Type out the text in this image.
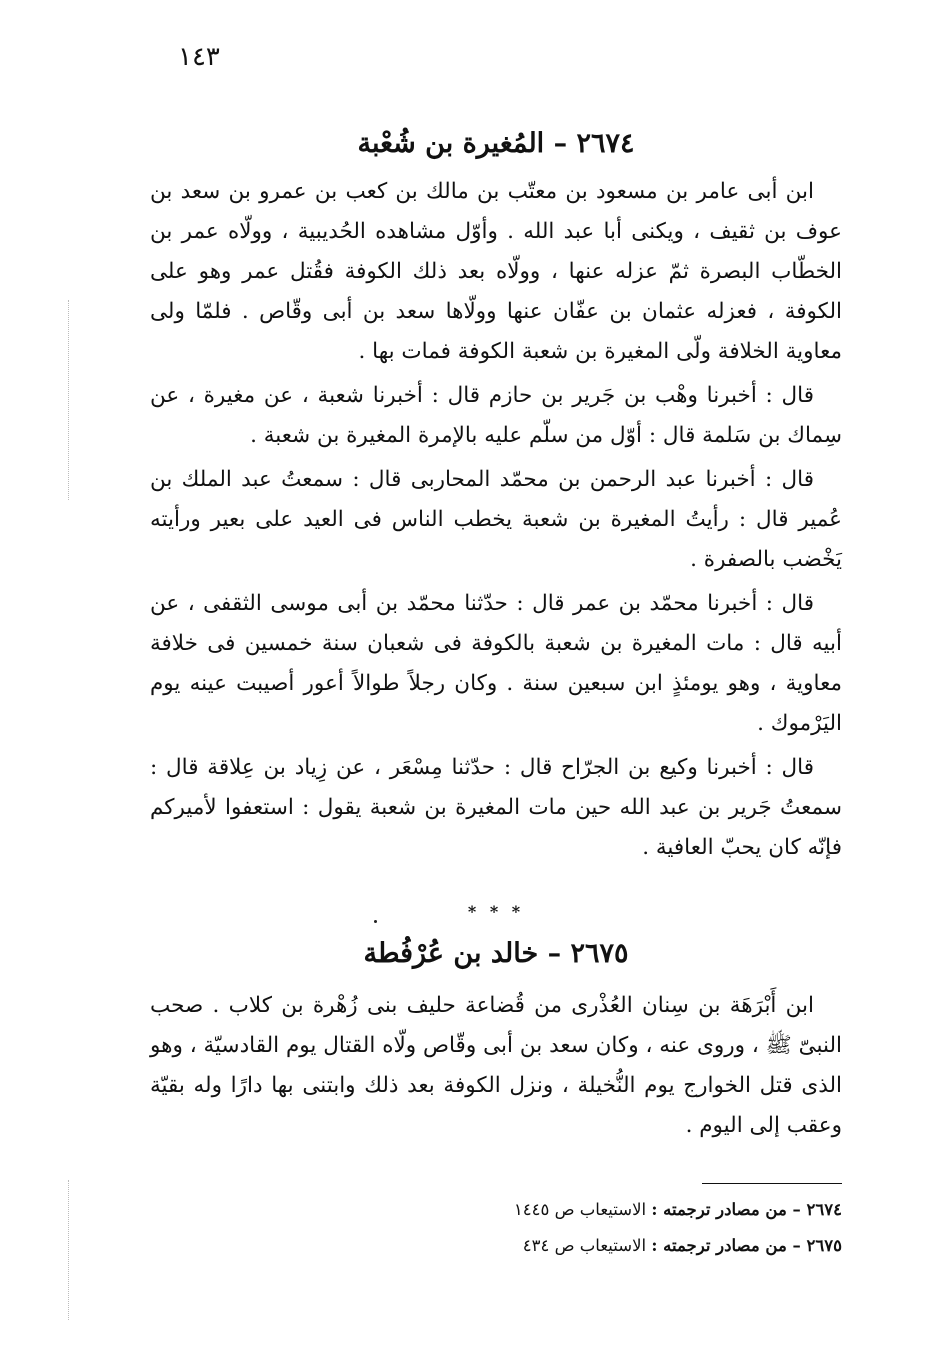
١٤٣
٢٦٧٤ – المُغيرة بن شُعْبة

ابن أبى عامر بن مسعود بن معتّب بن مالك بن كعب بن عمرو بن سعد بن عوف بن ثقيف ، ويكنى أبا عبد الله . وأوّل مشاهده الحُديبية ، وولّاه عمر بن الخطّاب البصرة ثمّ عزله عنها ، وولّاه بعد ذلك الكوفة فقُتل عمر وهو على الكوفة ، فعزله عثمان بن عفّان عنها وولّاها سعد بن أبى وقّاص . فلمّا ولى معاوية الخلافة ولّى المغيرة بن شعبة الكوفة فمات بها .

قال : أخبرنا وهْب بن جَرير بن حازم قال : أخبرنا شعبة ، عن مغيرة ، عن سِماك بن سَلمة قال : أوّل من سلّم عليه بالإمرة المغيرة بن شعبة .

قال : أخبرنا عبد الرحمن بن محمّد المحاربى قال : سمعتُ عبد الملك بن عُمير قال : رأيتُ المغيرة بن شعبة يخطب الناس فى العيد على بعير ورأيته يَخْضب بالصفرة .

قال : أخبرنا محمّد بن عمر قال : حدّثنا محمّد بن أبى موسى الثقفى ، عن أبيه قال : مات المغيرة بن شعبة بالكوفة فى شعبان سنة خمسين فى خلافة معاوية ، وهو يومئذٍ ابن سبعين سنة . وكان رجلاً طوالاً أعور أصيبت عينه يوم اليَرْموك .

قال : أخبرنا وكيع بن الجرّاح قال : حدّثنا مِسْعَر ، عن زِياد بن عِلاقة قال : سمعتُ جَرير بن عبد الله حين مات المغيرة بن شعبة يقول : استعفوا لأميركم فإنّه كان يحبّ العافية .

* * *
٢٦٧٥ – خالد بن عُرْفُطة

ابن أَبْرَهَة بن سِنان العُذْرى من قُضاعة حليف بنى زُهْرة بن كلاب . صحب النبىّ ﷺ ، وروى عنه ، وكان سعد بن أبى وقّاص ولّاه القتال يوم القادسيّة ، وهو الذى قتل الخوارج يوم النُّخيلة ، ونزل الكوفة بعد ذلك وابتنى بها دارًا وله بقيّة وعقب إلى اليوم .

٢٦٧٤ – من مصادر ترجمته : الاستيعاب ص ١٤٤٥
٢٦٧٥ – من مصادر ترجمته : الاستيعاب ص ٤٣٤
